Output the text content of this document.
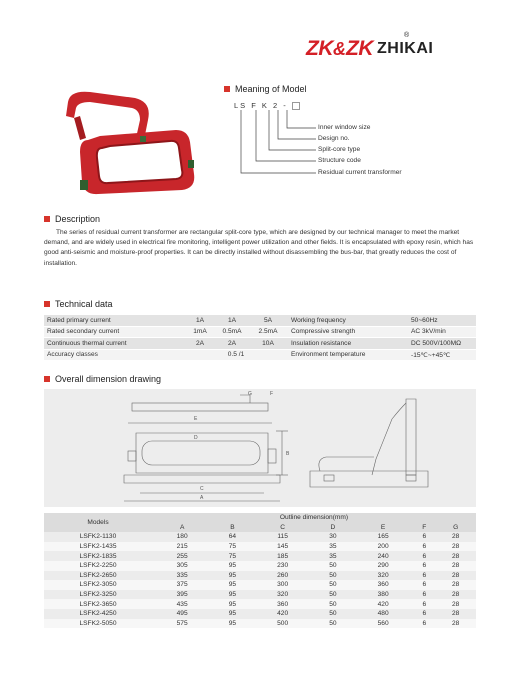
ZK & ZK ZHIKAI
®
Meaning of Model
LS F K 2 -
Inner window size
Design no.
Split-core type
Structure code
Residual current transformer
Description
The series of residual current transformer are rectangular split-core type, which are designed by our technical manager to meet the market demand, and are widely used in electrical fire monitoring, intelligent power utilization and other fields. It is encapsulated with epoxy resin, which has good anti-seismic and moisture-proof properties. It can be directly installed without disassembling the bus-bar, that greatly reduces the cost of installation.
Technical data
Rated primary current	1A	1A	5A	Working frequency	50~60Hz
Rated secondary current	1mA	0.5mA	2.5mA	Compressive strength	AC 3kV/min
Continuous thermal current	2A	2A	10A	Insulation resistance	DC 500V/100MΩ
Accuracy classes	0.5 /1			Environment temperature	-15℃~+45℃
Overall dimension drawing
E
G
D
B
C
A
F
Models	Outline dimension(mm)						
	A	B	C	D	E	F	G
LSFK2-1130	180	64	115	30	165	6	28
LSFK2-1435	215	75	145	35	200	6	28
LSFK2-1835	255	75	185	35	240	6	28
LSFK2-2250	305	95	230	50	290	6	28
LSFK2-2650	335	95	260	50	320	6	28
LSFK2-3050	375	95	300	50	360	6	28
LSFK2-3250	395	95	320	50	380	6	28
LSFK2-3650	435	95	360	50	420	6	28
LSFK2-4250	495	95	420	50	480	6	28
LSFK2-5050	575	95	500	50	560	6	28
